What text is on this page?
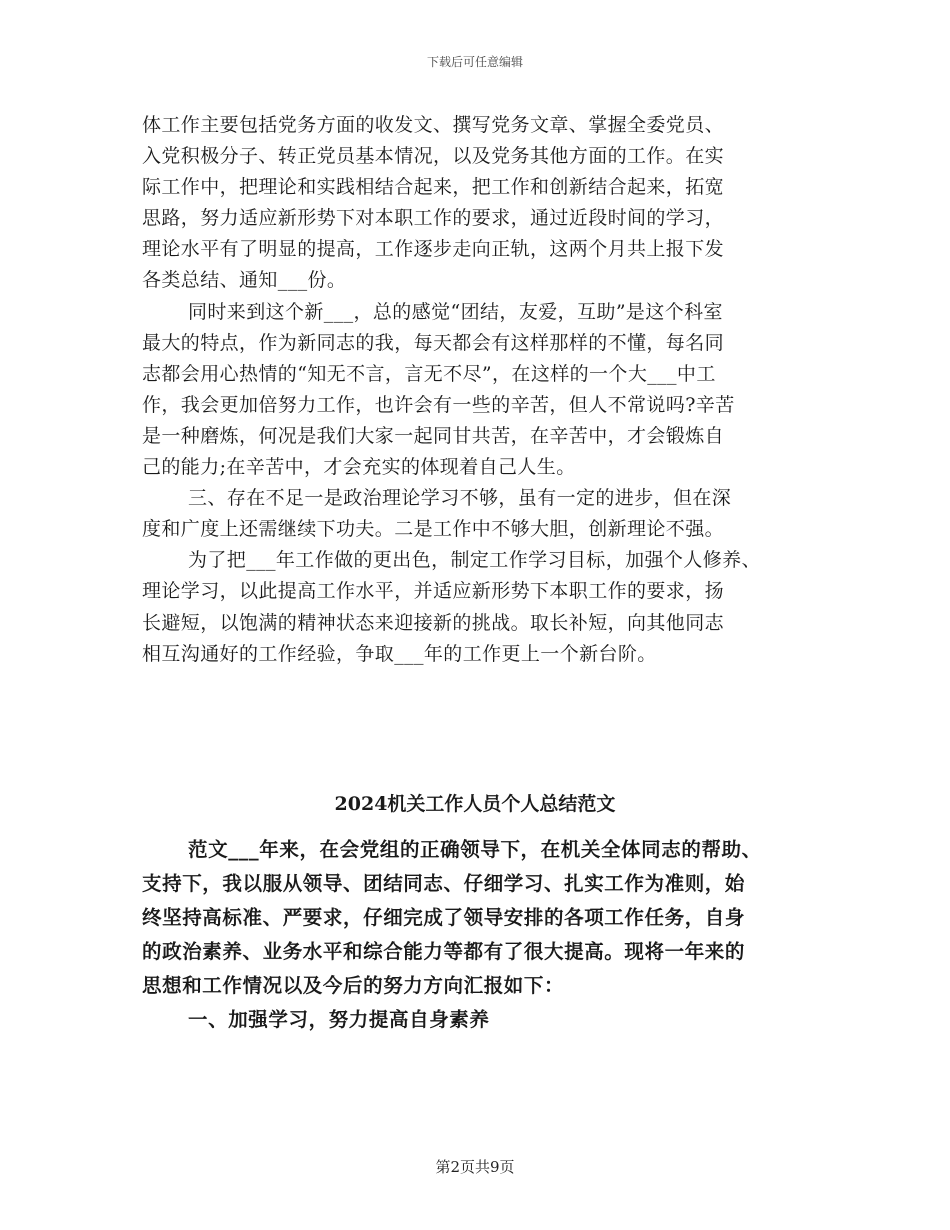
下载后可任意编辑
体工作主要包括党务方面的收发文、撰写党务文章、掌握全委党员、
入党积极分子、转正党员基本情况，以及党务其他方面的工作。在实
际工作中，把理论和实践相结合起来，把工作和创新结合起来，拓宽
思路，努力适应新形势下对本职工作的要求，通过近段时间的学习，
理论水平有了明显的提高，工作逐步走向正轨，这两个月共上报下发
各类总结、通知___份。
同时来到这个新___，总的感觉“团结，友爱，互助”是这个科室
最大的特点，作为新同志的我，每天都会有这样那样的不懂，每名同
志都会用心热情的“知无不言，言无不尽”，在这样的一个大___中工
作，我会更加倍努力工作，也许会有一些的辛苦，但人不常说吗?辛苦
是一种磨炼，何况是我们大家一起同甘共苦，在辛苦中，才会锻炼自
己的能力;在辛苦中，才会充实的体现着自己人生。
三、存在不足一是政治理论学习不够，虽有一定的进步，但在深
度和广度上还需继续下功夫。二是工作中不够大胆，创新理论不强。
为了把___年工作做的更出色，制定工作学习目标，加强个人修养、
理论学习，以此提高工作水平，并适应新形势下本职工作的要求，扬
长避短，以饱满的精神状态来迎接新的挑战。取长补短，向其他同志
相互沟通好的工作经验，争取___年的工作更上一个新台阶。
2024机关工作人员个人总结范文
范文___年来，在会党组的正确领导下，在机关全体同志的帮助、
支持下，我以服从领导、团结同志、仔细学习、扎实工作为准则，始
终坚持高标准、严要求，仔细完成了领导安排的各项工作任务，自身
的政治素养、业务水平和综合能力等都有了很大提高。现将一年来的
思想和工作情况以及今后的努力方向汇报如下：
一、加强学习，努力提高自身素养
第2页共9页
